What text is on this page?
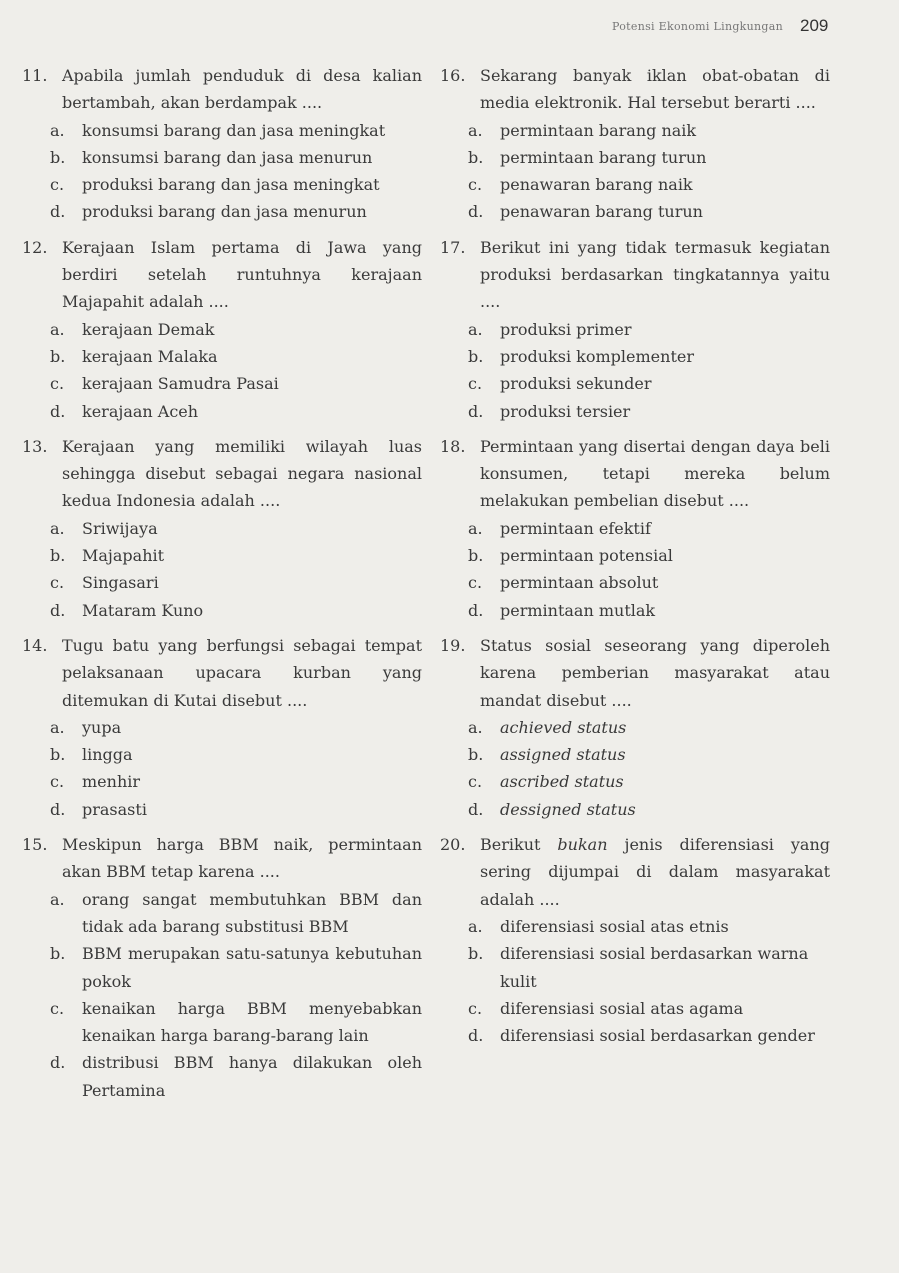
Potensi Ekonomi Lingkungan 209
11. Apabila jumlah penduduk di desa kalian bertambah, akan berdampak ....
a. konsumsi barang dan jasa meningkat
b. konsumsi barang dan jasa menurun
c. produksi barang dan jasa meningkat
d. produksi barang dan jasa menurun
12. Kerajaan Islam pertama di Jawa yang berdiri setelah runtuhnya kerajaan Majapahit adalah ....
a. kerajaan Demak
b. kerajaan Malaka
c. kerajaan Samudra Pasai
d. kerajaan Aceh
13. Kerajaan yang memiliki wilayah luas sehingga disebut sebagai negara nasional kedua Indonesia adalah ....
a. Sriwijaya
b. Majapahit
c. Singasari
d. Mataram Kuno
14. Tugu batu yang berfungsi sebagai tempat pelaksanaan upacara kurban yang ditemukan di Kutai disebut ....
a. yupa
b. lingga
c. menhir
d. prasasti
15. Meskipun harga BBM naik, permintaan akan BBM tetap karena ....
a. orang sangat membutuhkan BBM dan tidak ada barang substitusi BBM
b. BBM merupakan satu-satunya kebutuhan pokok
c. kenaikan harga BBM menyebabkan kenaikan harga barang-barang lain
d. distribusi BBM hanya dilakukan oleh Pertamina
16. Sekarang banyak iklan obat-obatan di media elektronik. Hal tersebut berarti ....
a. permintaan barang naik
b. permintaan barang turun
c. penawaran barang naik
d. penawaran barang turun
17. Berikut ini yang tidak termasuk kegiatan produksi berdasarkan tingkatannya yaitu ....
a. produksi primer
b. produksi komplementer
c. produksi sekunder
d. produksi tersier
18. Permintaan yang disertai dengan daya beli konsumen, tetapi mereka belum melakukan pembelian disebut ....
a. permintaan efektif
b. permintaan potensial
c. permintaan absolut
d. permintaan mutlak
19. Status sosial seseorang yang diperoleh karena pemberian masyarakat atau mandat disebut ....
a. achieved status
b. assigned status
c. ascribed status
d. dessigned status
20. Berikut bukan jenis diferensiasi yang sering dijumpai di dalam masyarakat adalah ....
a. diferensiasi sosial atas etnis
b. diferensiasi sosial berdasarkan warna kulit
c. diferensiasi sosial atas agama
d. diferensiasi sosial berdasarkan gender
